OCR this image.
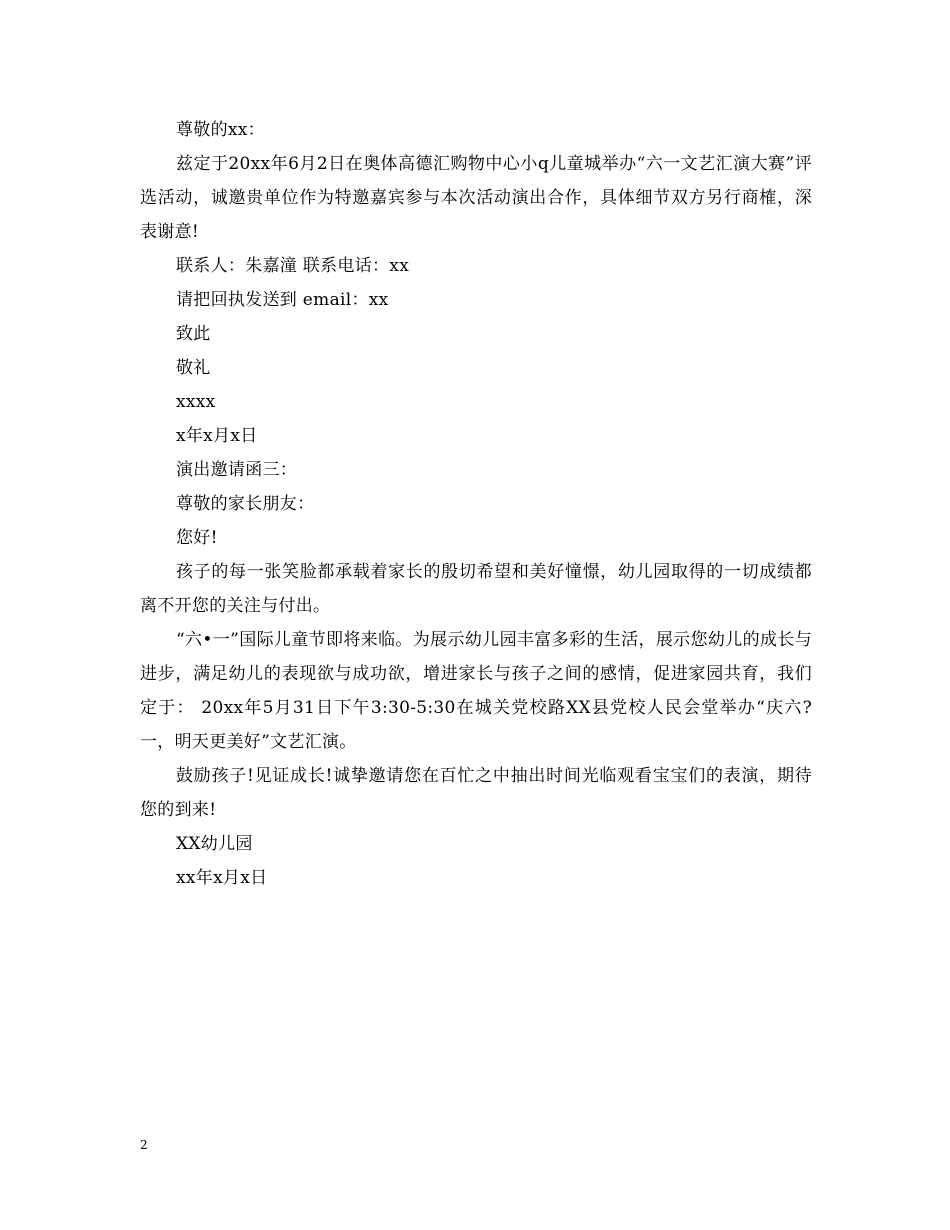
尊敬的xx：

兹定于20xx年6月2日在奥体高德汇购物中心小q儿童城举办“六一文艺汇演大赛”评选活动，诚邀贵单位作为特邀嘉宾参与本次活动演出合作，具体细节双方另行商榷，深表谢意!

联系人：朱嘉潼 联系电话：xx

请把回执发送到 email：xx

致此

敬礼

xxxx

x年x月x日

演出邀请函三：

尊敬的家长朋友：

您好!

孩子的每一张笑脸都承载着家长的殷切希望和美好憧憬，幼儿园取得的一切成绩都离不开您的关注与付出。

“六•一”国际儿童节即将来临。为展示幼儿园丰富多彩的生活，展示您幼儿的成长与进步，满足幼儿的表现欲与成功欲，增进家长与孩子之间的感情，促进家园共育，我们定于： 20xx年5月31日下午3:30-5:30在城关党校路XX县党校人民会堂举办“庆六?一，明天更美好”文艺汇演。

鼓励孩子!见证成长!诚挚邀请您在百忙之中抽出时间光临观看宝宝们的表演，期待您的到来!

XX幼儿园

xx年x月x日

2
